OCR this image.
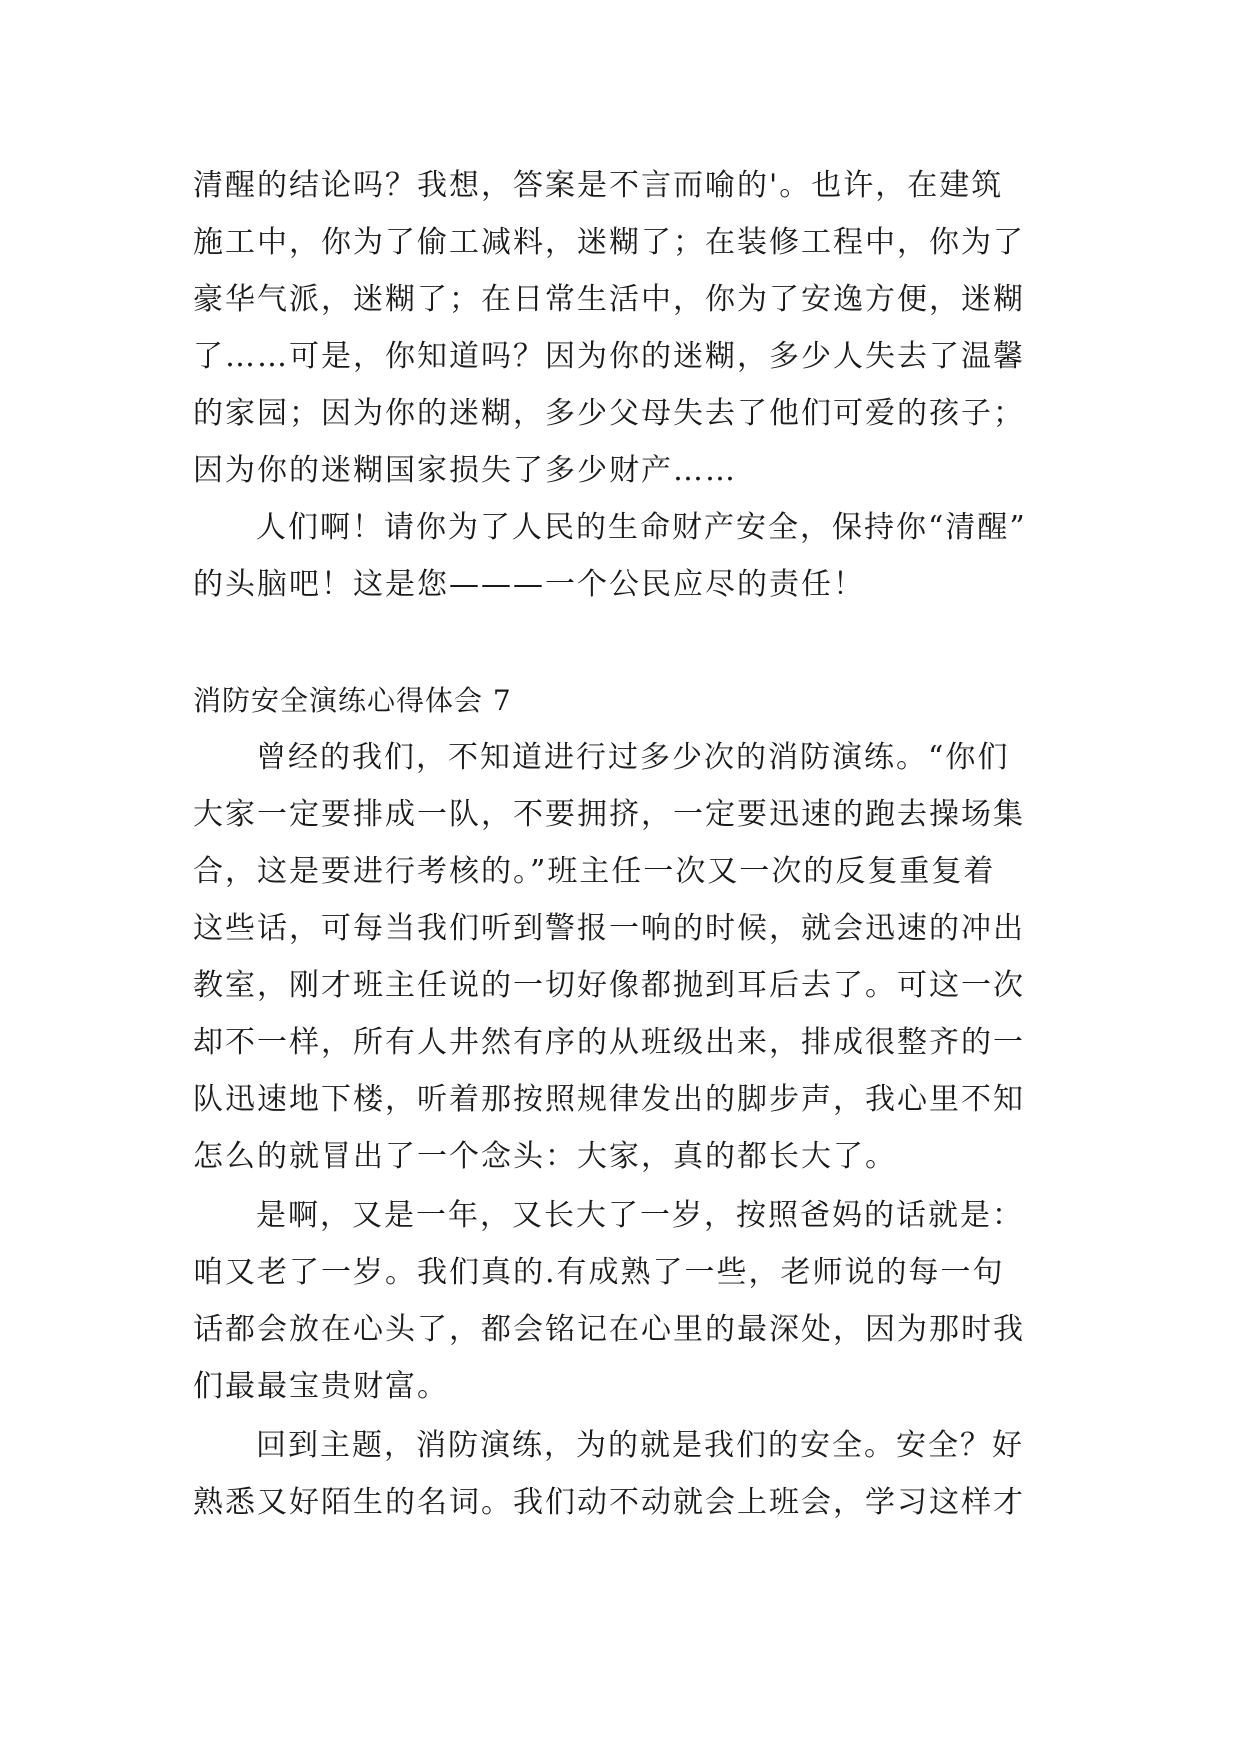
清醒的结论吗？我想，答案是不言而喻的'。也许，在建筑
施工中，你为了偷工减料，迷糊了；在装修工程中，你为了
豪华气派，迷糊了；在日常生活中，你为了安逸方便，迷糊
了……可是，你知道吗？因为你的迷糊，多少人失去了温馨
的家园；因为你的迷糊，多少父母失去了他们可爱的孩子；
因为你的迷糊国家损失了多少财产……
人们啊！请你为了人民的生命财产安全，保持你“清醒”
的头脑吧！这是您———一个公民应尽的责任！
消防安全演练心得体会 7
曾经的我们，不知道进行过多少次的消防演练。“你们
大家一定要排成一队，不要拥挤，一定要迅速的跑去操场集
合，这是要进行考核的。”班主任一次又一次的反复重复着
这些话，可每当我们听到警报一响的时候，就会迅速的冲出
教室，刚才班主任说的一切好像都抛到耳后去了。可这一次
却不一样，所有人井然有序的从班级出来，排成很整齐的一
队迅速地下楼，听着那按照规律发出的脚步声，我心里不知
怎么的就冒出了一个念头：大家，真的都长大了。
是啊，又是一年，又长大了一岁，按照爸妈的话就是：
咱又老了一岁。我们真的.有成熟了一些，老师说的每一句
话都会放在心头了，都会铭记在心里的最深处，因为那时我
们最最宝贵财富。
回到主题，消防演练，为的就是我们的安全。安全？好
熟悉又好陌生的名词。我们动不动就会上班会，学习这样才
